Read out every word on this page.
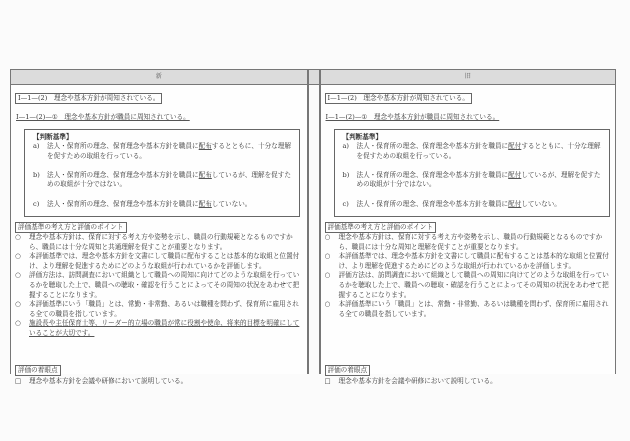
新
Ⅰ—1—(2)　理念や基本方針が周知されている。
Ⅰ—1—(2)—①　理念や基本方針が職員に周知されている。
【判断基準】
a)	法人・保育所の理念、保育理念や基本方針を職員に配布するとともに、十分な理解を促すための取組を行っている。
b)	法人・保育所の理念、保育理念や基本方針を職員に配布しているが、理解を促すための取組が十分ではない。
c)	法人・保育所の理念、保育理念や基本方針を職員に配布していない。
評価基準の考え方と評価のポイント
○	理念や基本方針は、保育に対する考え方や姿勢を示し、職員の行動規範となるものですから、職員には十分な周知と共通理解を促すことが重要となります。
○	本評価基準では、理念や基本方針を文書にして職員に配布することは基本的な取組と位置付け、より理解を促進するためにどのような取組が行われているかを評価します。
○	評価方法は、訪問調査において組織として職員への周知に向けてどのような取組を行っているかを聴取した上で、職員への聴取・確認を行うことによってその周知の状況をあわせて把握することになります。
○	本評価基準にいう「職員」とは、常勤・非常勤、あるいは職種を問わず、保育所に雇用される全ての職員を指しています。
○	施設長や主任保育士等、リーダー的立場の職員が常に役割や使命、将来的目標を明確にしていることが大切です。
評価の着眼点
□	理念や基本方針を会議や研修において説明している。
旧
Ⅰ—1—(2)　理念や基本方針が周知されている。
Ⅰ—1—(2)—①　理念や基本方針が職員に周知されている。
【判断基準】
a)	法人・保育所の理念、保育理念や基本方針を職員に配付するとともに、十分な理解を促すための取組を行っている。
b)	法人・保育所の理念、保育理念や基本方針を職員に配付しているが、理解を促すための取組が十分ではない。
c)	法人・保育所の理念、保育理念や基本方針を職員に配付していない。
評価基準の考え方と評価のポイント
○	理念や基本方針は、保育に対する考え方や姿勢を示し、職員の行動規範となるものですから、職員には十分な周知と理解を促すことが重要となります。
○	本評価基準では、理念や基本方針を文書にして職員に配布することは基本的な取組と位置付け、より理解を促進するためにどのような取組が行われているかを評価します。
○	評価方法は、訪問調査において組織として職員への周知に向けてどのような取組を行っているかを聴取した上で、職員への聴取・確認を行うことによってその周知の状況をあわせて把握することになります。
○	本評価基準にいう「職員」とは、常勤・非常勤、あるいは職種を問わず、保育所に雇用される全ての職員を指しています。
評価の着眼点
□	理念や基本方針を会議や研修において説明している。
